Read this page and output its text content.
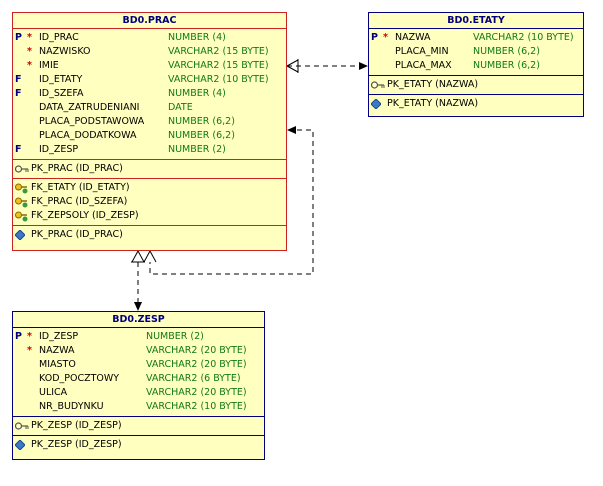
BD0.PRAC
P * ID_PRAC	NUMBER (4)
* NAZWISKO	VARCHAR2 (15 BYTE)
* IMIE	VARCHAR2 (15 BYTE)
F ID_ETATY	VARCHAR2 (10 BYTE)
F ID_SZEFA	NUMBER (4)
DATA_ZATRUDENIANI	DATE
PLACA_PODSTAWOWA NUMBER (6,2)
PLACA_DODATKOWA	NUMBER (6,2)
F ID_ZESP	NUMBER (2)
PK_PRAC (ID_PRAC)
FK_ETATY (ID_ETATY)
FK_PRAC (ID_SZEFA)
FK_ZEPSOLY (ID_ZESP)
PK_PRAC (ID_PRAC)
BD0.ETATY
P * NAZWA	VARCHAR2 (10 BYTE)
PLACA_MIN	NUMBER (6,2)
PLACA_MAX NUMBER (6,2)
PK_ETATY (NAZWA)
PK_ETATY (NAZWA)
BD0.ZESP
P * ID_ZESP	NUMBER (2)
* NAZWA	VARCHAR2 (20 BYTE)
MIASTO	VARCHAR2 (20 BYTE)
KOD_POCZTOWY	VARCHAR2 (6 BYTE)
ULICA	VARCHAR2 (20 BYTE)
NR_BUDYNKU	VARCHAR2 (10 BYTE)
PK_ZESP (ID_ZESP)
PK_ZESP (ID_ZESP)
